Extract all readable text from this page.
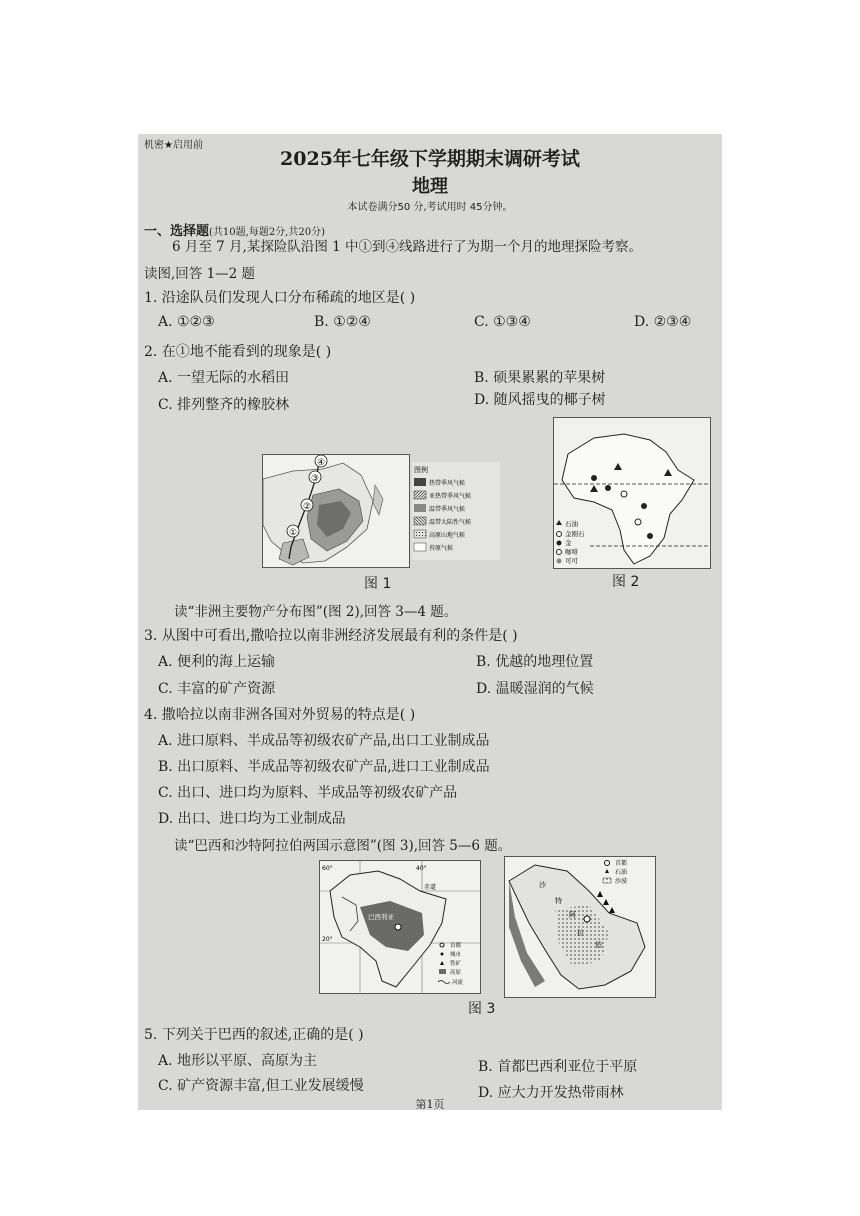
机密★启用前
2025年七年级下学期期末调研考试
地理
本试卷满分50 分,考试用时 45分钟。
一、选择题(共10题,每题2分,共20分)
6 月至 7 月,某探险队沿图 1 中①到④线路进行了为期一个月的地理探险考察。
读图,回答 1—2 题
1. 沿途队员们发现人口分布稀疏的地区是( )
A. ①②③	B. ①②④	C. ①③④	D. ②③④
2. 在①地不能看到的现象是( )
A. 一望无际的水稻田	B. 硕果累累的苹果树
C. 排列整齐的橡胶林	D. 随风摇曳的椰子树
①
②
③
④
图例
热带季风气候
亚热带季风气候
温带季风气候
温带大陆性气候
高原山地气候
苔原气候
图 1
石油
金刚石
金
咖啡
可可
图 2
读“非洲主要物产分布图”(图 2),回答 3—4 题。
3. 从图中可看出,撒哈拉以南非洲经济发展最有利的条件是( )
A. 便利的海上运输	B. 优越的地理位置
C. 丰富的矿产资源	D. 温暖湿润的气候
4. 撒哈拉以南非洲各国对外贸易的特点是( )
A. 进口原料、半成品等初级农矿产品,出口工业制成品
B. 出口原料、半成品等初级农矿产品,进口工业制成品
C. 出口、进口均为原料、半成品等初级农矿产品
D. 出口、进口均为工业制成品
读“巴西和沙特阿拉伯两国示意图”(图 3),回答 5—6 题。
60°	40°
20°
赤道
巴西利亚
首都
城市
铁矿
高原
河流
首都
石油
沙漠
沙
特
阿
拉
伯
图 3
5. 下列关于巴西的叙述,正确的是( )
A. 地形以平原、高原为主	B. 首都巴西利亚位于平原
C. 矿产资源丰富,但工业发展缓慢	D. 应大力开发热带雨林
第1页
